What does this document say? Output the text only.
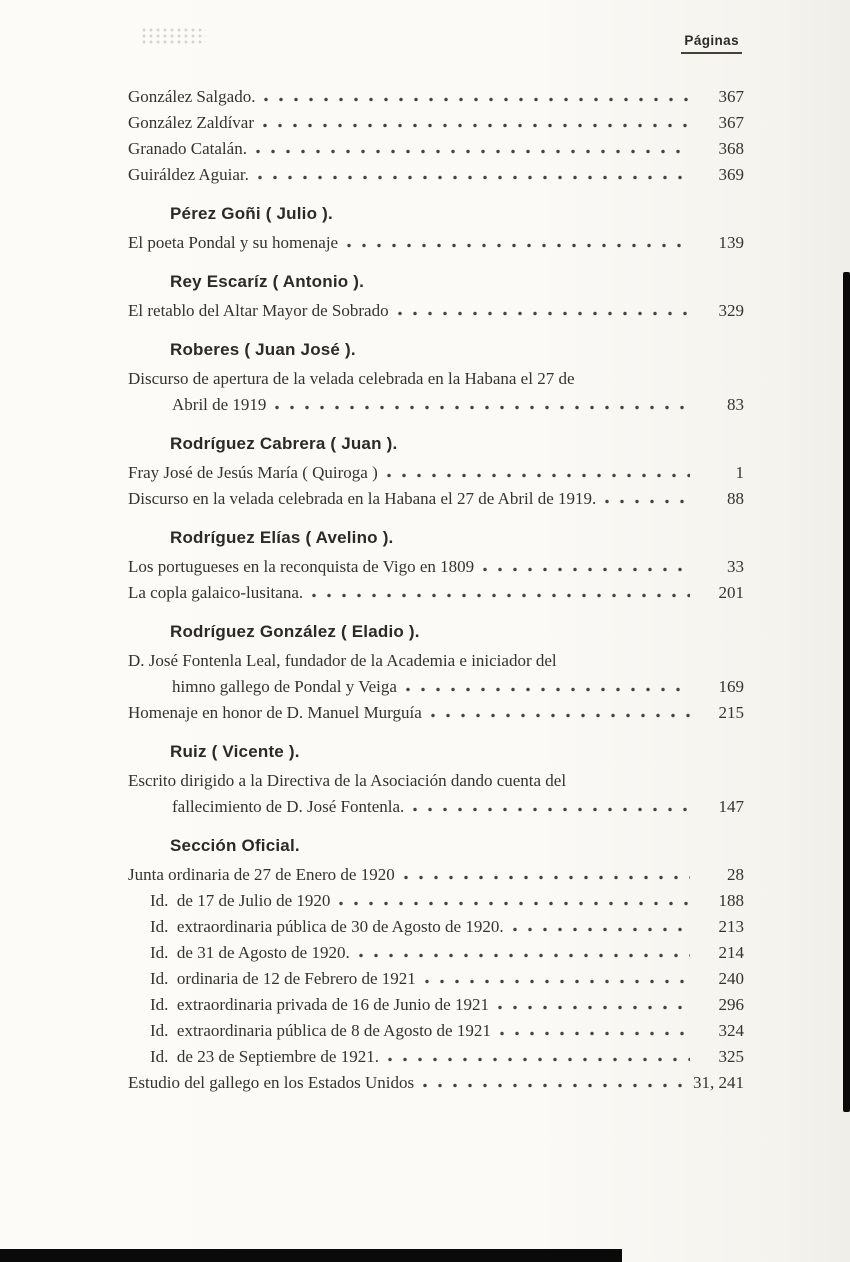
Páginas
González Salgado.	367
González Zaldívar	367
Granado Catalán.	368
Guiráldez Aguiar.	369
Pérez Goñi ( Julio ).
El poeta Pondal y su homenaje	139
Rey Escaríz ( Antonio ).
El retablo del Altar Mayor de Sobrado	329
Roberes ( Juan José ).
Discurso de apertura de la velada celebrada en la Habana el 27 de
Abril de 1919	83
Rodríguez Cabrera ( Juan ).
Fray José de Jesús María ( Quiroga )	1
Discurso en la velada celebrada en la Habana el 27 de Abril de 1919.	88
Rodríguez Elías ( Avelino ).
Los portugueses en la reconquista de Vigo en 1809	33
La copla galaico-lusitana.	201
Rodríguez González ( Eladio ).
D. José Fontenla Leal, fundador de la Academia e iniciador del
himno gallego de Pondal y Veiga	169
Homenaje en honor de D. Manuel Murguía	215
Ruiz ( Vicente ).
Escrito dirigido a la Directiva de la Asociación dando cuenta del
fallecimiento de D. José Fontenla.	147
Sección Oficial.
Junta ordinaria de 27 de Enero de 1920	28
Id.  de 17 de Julio de 1920	188
Id.  extraordinaria pública de 30 de Agosto de 1920.	213
Id.  de 31 de Agosto de 1920.	214
Id.  ordinaria de 12 de Febrero de 1921	240
Id.  extraordinaria privada de 16 de Junio de 1921	296
Id.  extraordinaria pública de 8 de Agosto de 1921	324
Id.  de 23 de Septiembre de 1921.	325
Estudio del gallego en los Estados Unidos	31, 241
